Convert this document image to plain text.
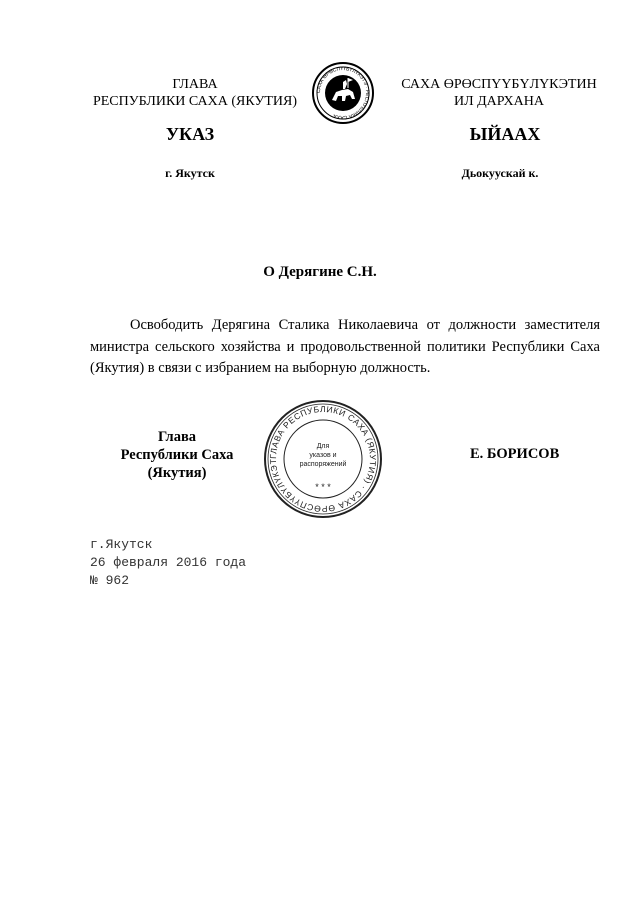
ГЛАВА
РЕСПУБЛИКИ САХА (ЯКУТИЯ)
САХА ӨРӨСПҮҮБҮЛҮКЭТЭ · РЕСПУБЛИКА САХА
САХА ӨРӨСПҮҮБҮЛҮКЭТИН
ИЛ ДАРХАНА
УКАЗ	ЫЙААХ
г. Якутск	Дьокуускай к.
О Дерягине С.Н.
Освободить Дерягина Сталика Николаевича от должности заместителя министра сельского хозяйства и продовольственной политики Республики Саха (Якутия) в связи с избранием на выборную должность.
Глава
Республики Саха (Якутия)
ГЛАВА РЕСПУБЛИКИ САХА (ЯКУТИЯ) · САХА ӨРӨСПҮҮБҮЛҮКЭТ
Для
указов и
распоряжений
* * *
Е. БОРИСОВ
г.Якутск
26 февраля 2016 года
№ 962
